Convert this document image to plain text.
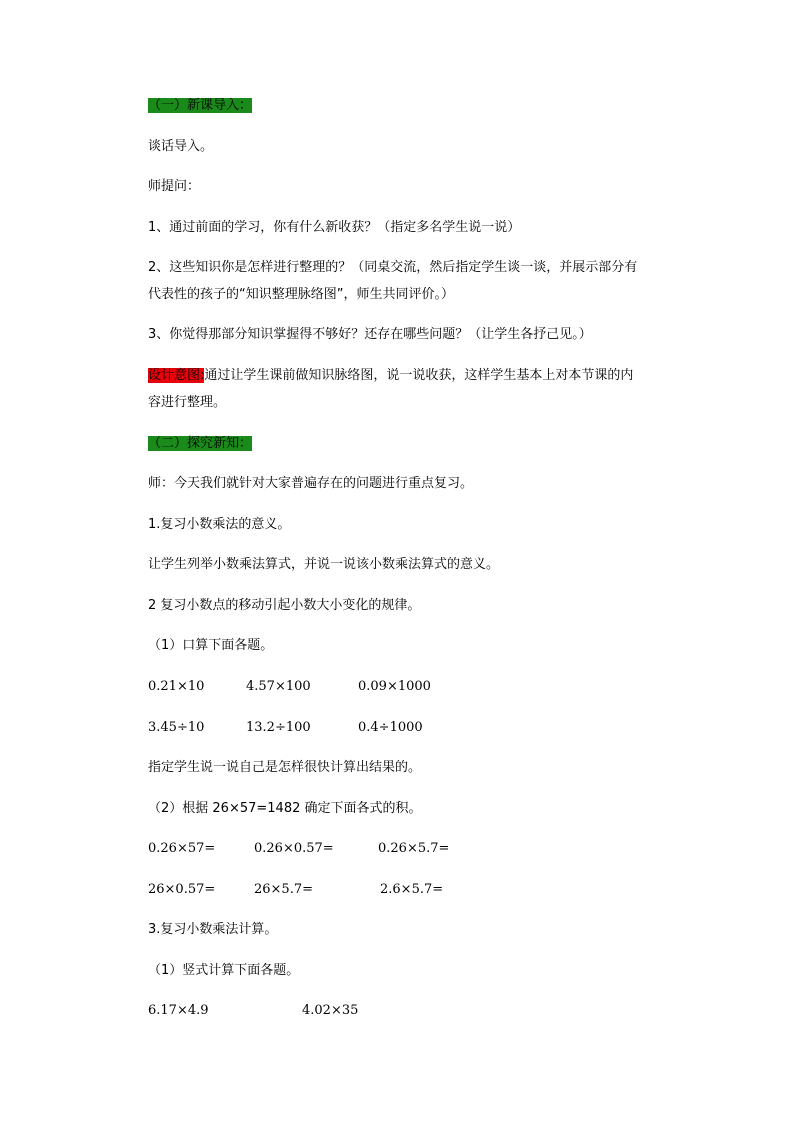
（一）新课导入：
谈话导入。
师提问：
1、通过前面的学习，你有什么新收获？（指定多名学生说一说）
2、这些知识你是怎样进行整理的？（同桌交流，然后指定学生谈一谈，并展示部分有
代表性的孩子的“知识整理脉络图”，师生共同评价。）
3、你觉得那部分知识掌握得不够好？还存在哪些问题？（让学生各抒己见。）
设计意图:通过让学生课前做知识脉络图，说一说收获，这样学生基本上对本节课的内
容进行整理。
（二）探究新知：
师：今天我们就针对大家普遍存在的问题进行重点复习。
1.复习小数乘法的意义。
让学生列举小数乘法算式，并说一说该小数乘法算式的意义。
2 复习小数点的移动引起小数大小变化的规律。
（1）口算下面各题。
0.21×10	4.57×100	0.09×1000
3.45÷10	13.2÷100	0.4÷1000
指定学生说一说自己是怎样很快计算出结果的。
（2）根据 26×57=1482 确定下面各式的积。
0.26×57=	0.26×0.57=	0.26×5.7=
26×0.57=	26×5.7=	2.6×5.7=
3.复习小数乘法计算。
（1）竖式计算下面各题。
6.17×4.9	4.02×35
